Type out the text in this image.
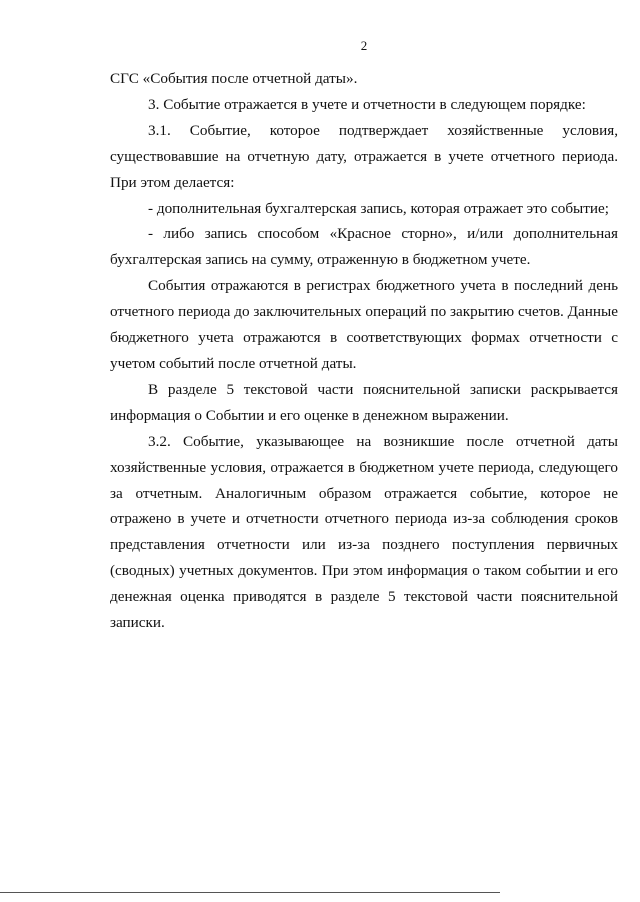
2

СГС «События после отчетной даты».

3. Событие отражается в учете и отчетности в следующем порядке:

3.1. Событие, которое подтверждает хозяйственные условия, существовавшие на отчетную дату, отражается в учете отчетного периода. При этом делается:

- дополнительная бухгалтерская запись, которая отражает это событие;

- либо запись способом «Красное сторно», и/или дополнительная бухгалтерская запись на сумму, отраженную в бюджетном учете.

События отражаются в регистрах бюджетного учета в последний день отчетного периода до заключительных операций по закрытию счетов. Данные бюджетного учета отражаются в соответствующих формах отчетности с учетом событий после отчетной даты.

В разделе 5 текстовой части пояснительной записки раскрывается информация о Событии и его оценке в денежном выражении.

3.2. Событие, указывающее на возникшие после отчетной даты хозяйственные условия, отражается в бюджетном учете периода, следующего за отчетным. Аналогичным образом отражается событие, которое не отражено в учете и отчетности отчетного периода из-за соблюдения сроков представления отчетности или из-за позднего поступления первичных (сводных) учетных документов. При этом информация о таком событии и его денежная оценка приводятся в разделе 5 текстовой части пояснительной записки.
